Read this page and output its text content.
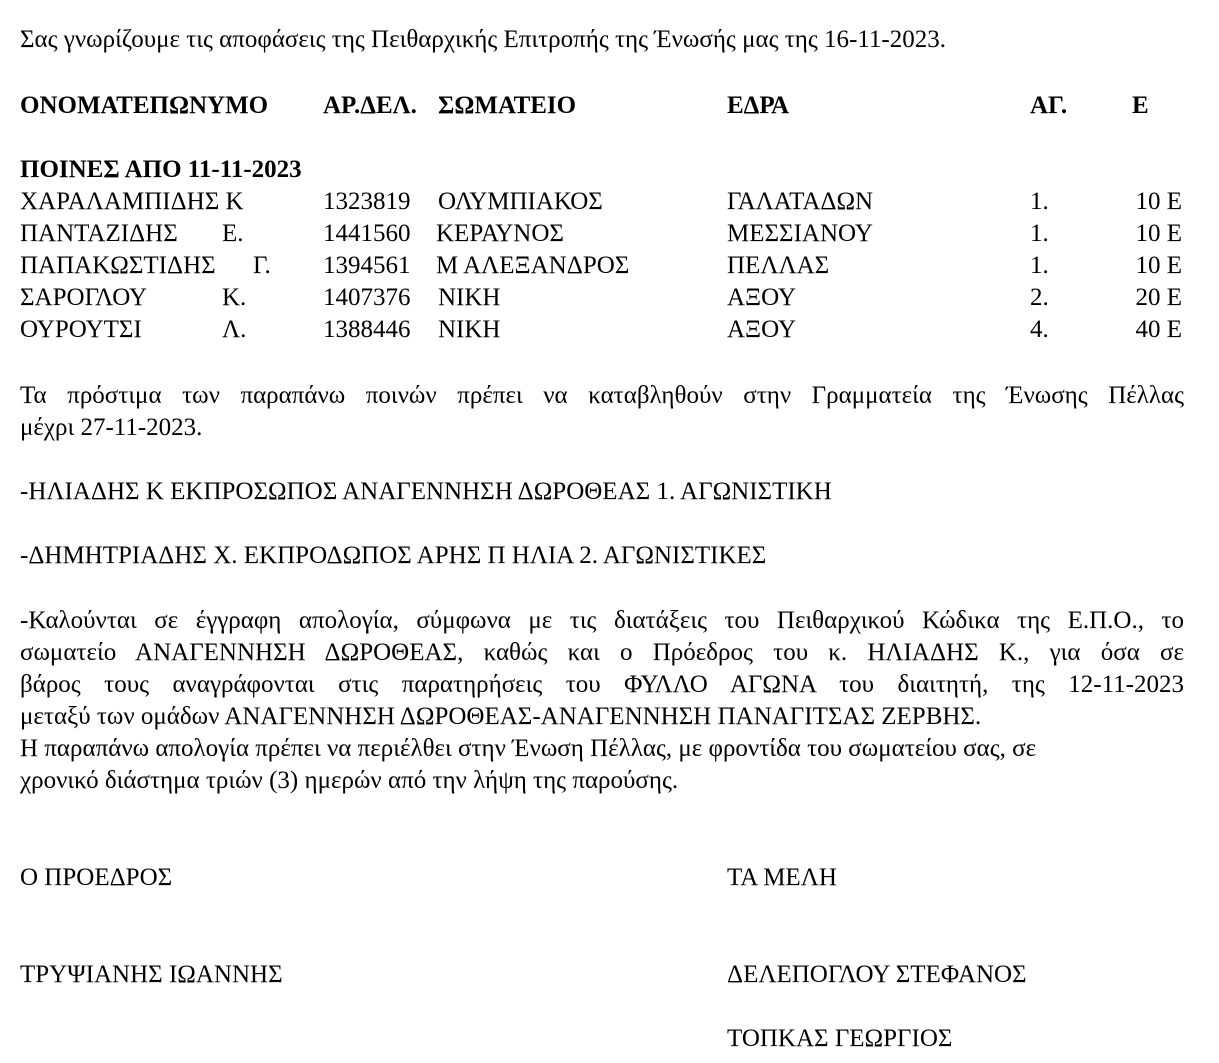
Σας γνωρίζουμε τις αποφάσεις της Πειθαρχικής Επιτροπής της Ένωσής μας της 16-11-2023.
ΟΝΟΜΑΤΕΠΩΝΥΜΟ ΑΡ.ΔΕΛ. ΣΩΜΑΤΕΙΟ	ΕΔΡΑ	ΑΓ.	Ε
ΠΟΙΝΕΣ ΑΠΟ 11-11-2023
ΧΑΡΑΛΑΜΠΙΔΗΣ Κ	1323819 ΟΛΥΜΠΙΑΚΟΣ	ΓΑΛΑΤΑΔΩΝ	1.	10 Ε
ΠΑΝΤΑΖΙΔΗΣ Ε.	1441560 ΚΕΡΑΥΝΟΣ	ΜΕΣΣΙΑΝΟΥ	1.	10 Ε
ΠΑΠΑΚΩΣΤΙΔΗΣ Γ. 1394561 Μ ΑΛΕΞΑΝΔΡΟΣ	ΠΕΛΛΑΣ	1.	10 Ε
ΣΑΡΟΓΛΟΥ	Κ.	1407376 ΝΙΚΗ	ΑΞΟΥ	2.	20 Ε
ΟΥΡΟΥΤΣΙ	Λ.	1388446 ΝΙΚΗ	ΑΞΟΥ	4.	40 Ε
Τα πρόστιμα των παραπάνω ποινών πρέπει να καταβληθούν στην Γραμματεία της Ένωσης Πέλλας
μέχρι 27-11-2023.
-ΗΛΙΑΔΗΣ Κ ΕΚΠΡΟΣΩΠΟΣ ΑΝΑΓΕΝΝΗΣΗ ΔΩΡΟΘΕΑΣ 1. ΑΓΩΝΙΣΤΙΚΗ
-ΔΗΜΗΤΡΙΑΔΗΣ Χ. ΕΚΠΡΟΔΩΠΟΣ ΑΡΗΣ Π ΗΛΙΑ 2. ΑΓΩΝΙΣΤΙΚΕΣ
-Καλούνται σε έγγραφη απολογία, σύμφωνα με τις διατάξεις του Πειθαρχικού Κώδικα της Ε.Π.Ο., το
σωματείο ΑΝΑΓΕΝΝΗΣΗ ΔΩΡΟΘΕΑΣ, καθώς και ο Πρόεδρος του κ. ΗΛΙΑΔΗΣ Κ., για όσα σε
βάρος τους αναγράφονται στις παρατηρήσεις του ΦΥΛΛΟ ΑΓΩΝΑ του διαιτητή, της 12-11-2023
μεταξύ των ομάδων ΑΝΑΓΕΝΝΗΣΗ ΔΩΡΟΘΕΑΣ-ΑΝΑΓΕΝΝΗΣΗ ΠΑΝΑΓΙΤΣΑΣ ΖΕΡΒΗΣ.
Η παραπάνω απολογία πρέπει να περιέλθει στην Ένωση Πέλλας, με φροντίδα του σωματείου σας, σε
χρονικό διάστημα τριών (3) ημερών από την λήψη της παρούσης.
Ο ΠΡΟΕΔΡΟΣ	ΤΑ ΜΕΛΗ
ΤΡΥΨΙΑΝΗΣ ΙΩΑΝΝΗΣ	ΔΕΛΕΠΟΓΛΟΥ ΣΤΕΦΑΝΟΣ
ΤΟΠΚΑΣ ΓΕΩΡΓΙΟΣ
